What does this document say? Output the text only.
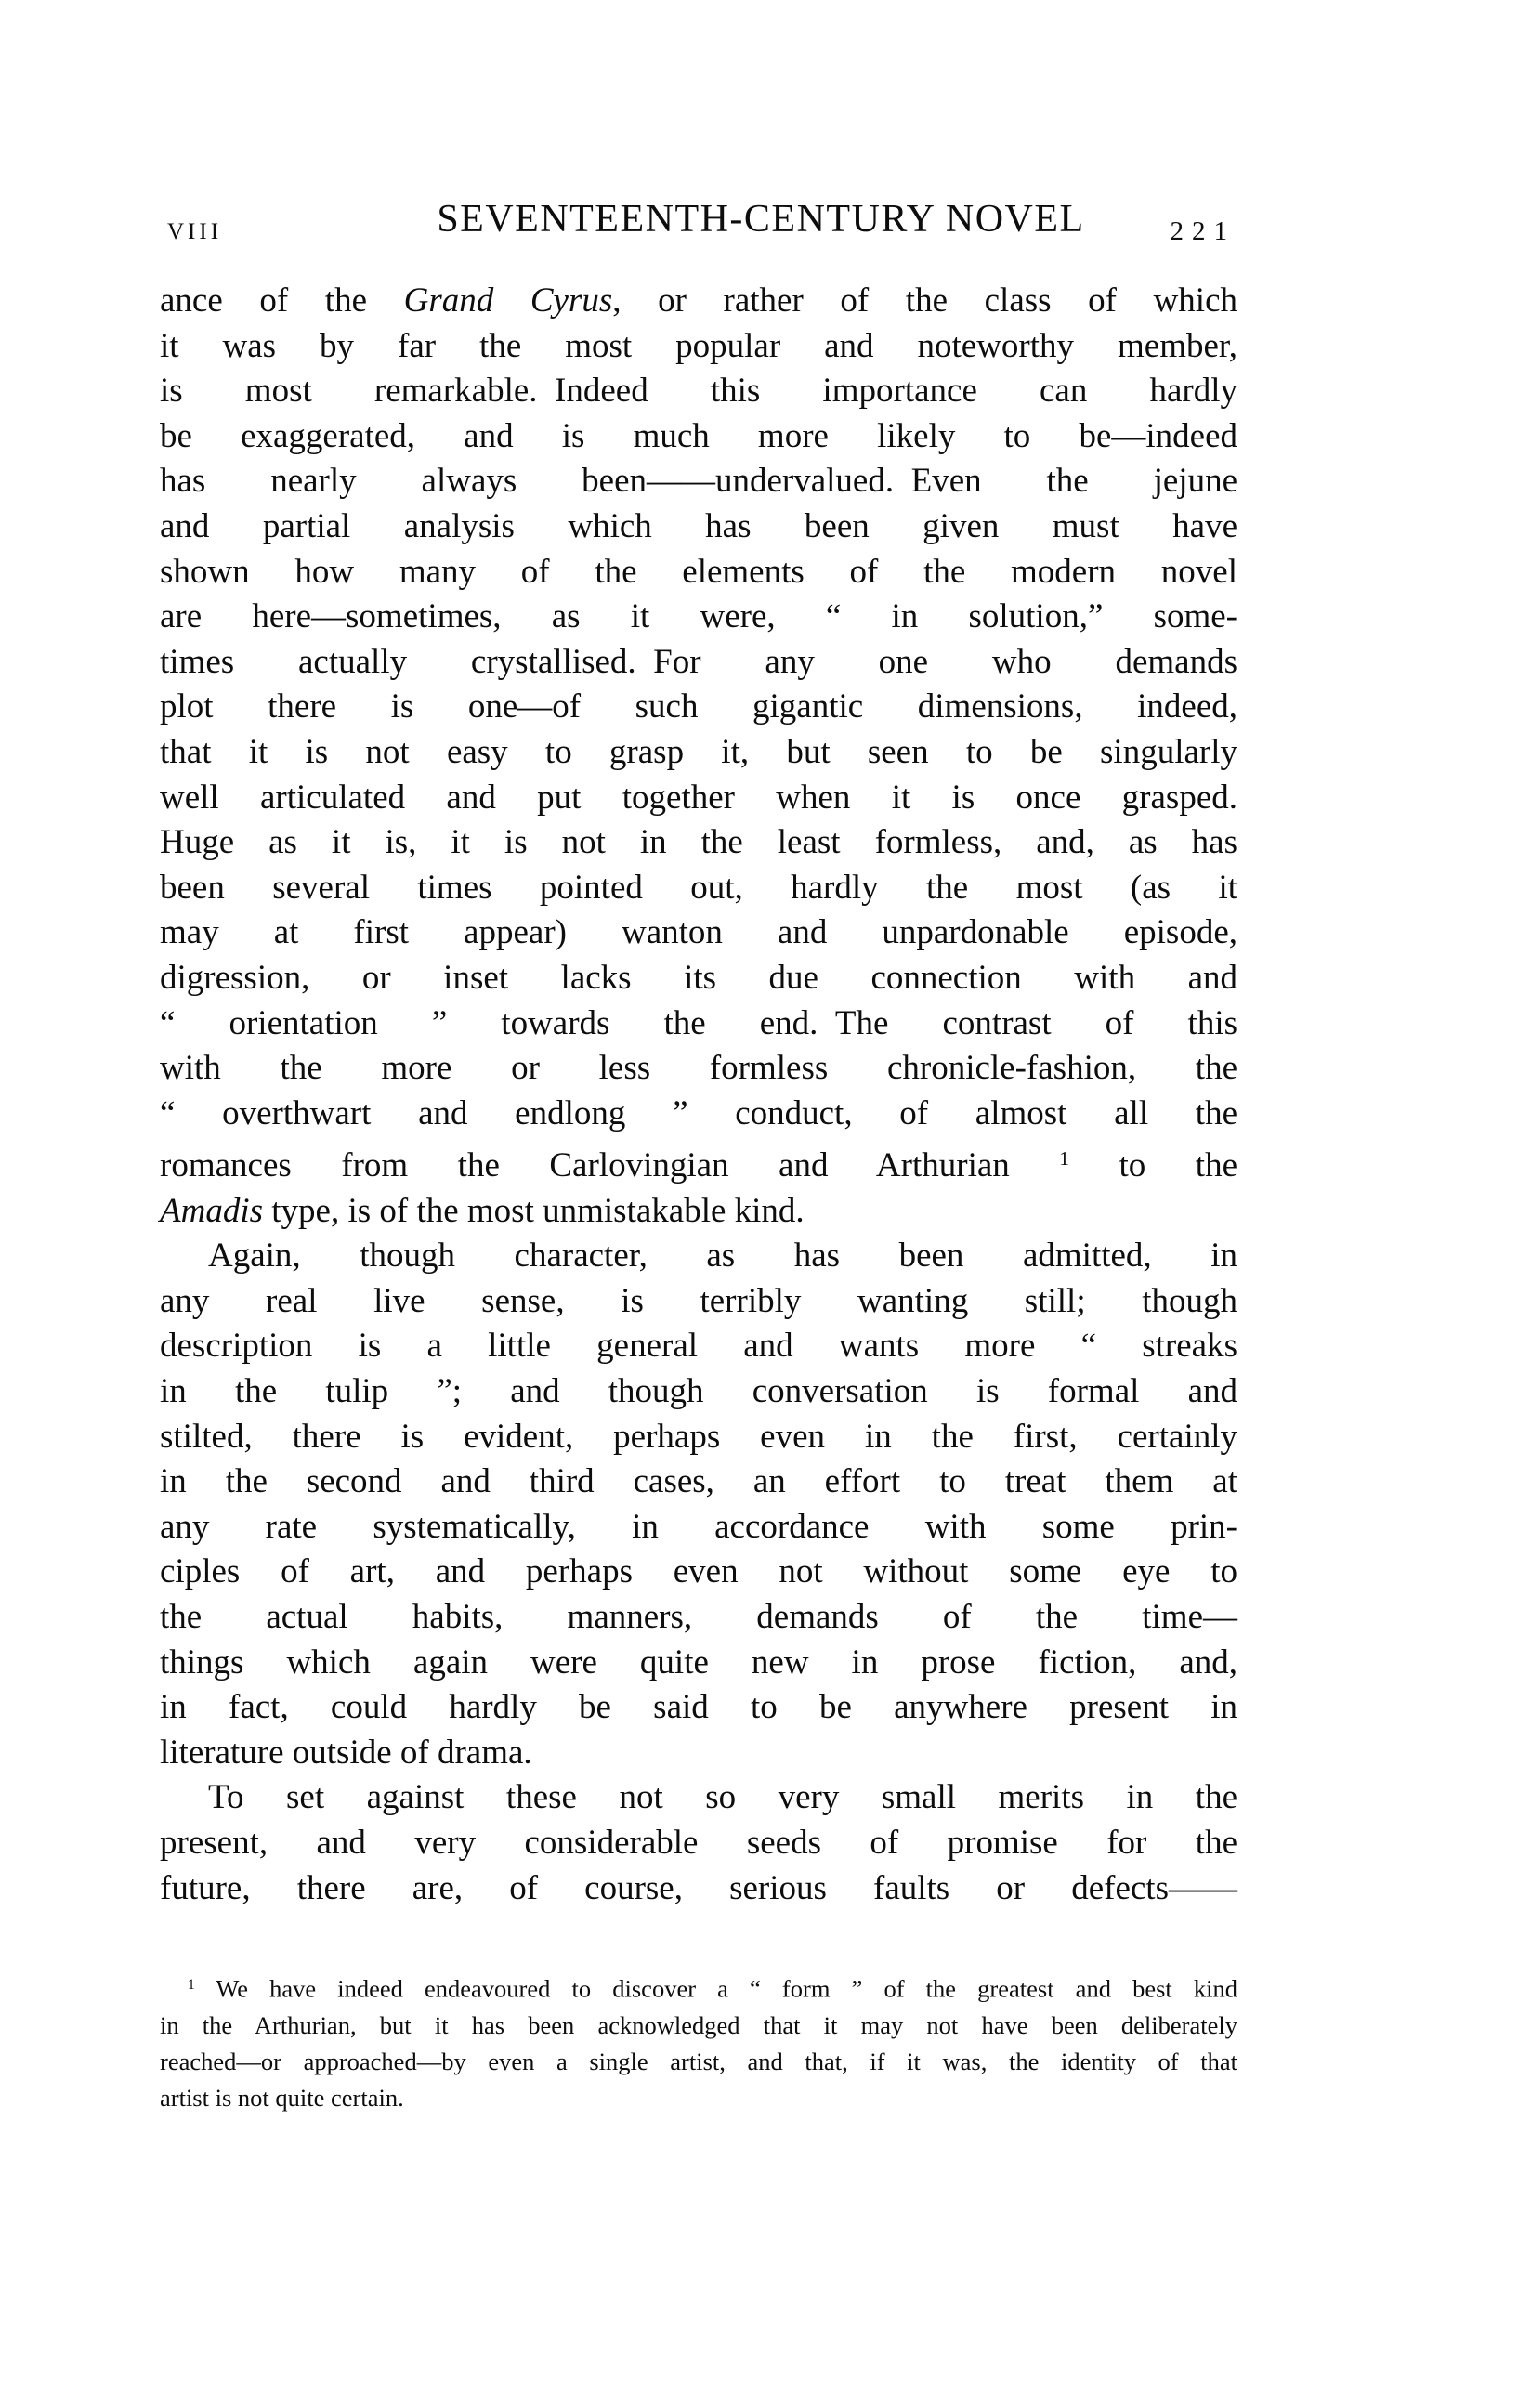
VIII	SEVENTEENTH-CENTURY NOVEL	221
ance of the Grand Cyrus, or rather of the class of which
it was by far the most popular and noteworthy member,
is most remarkable. Indeed this importance can hardly
be exaggerated, and is much more likely to be—indeed
has nearly always been——undervalued. Even the jejune
and partial analysis which has been given must have
shown how many of the elements of the modern novel
are here—sometimes, as it were, “ in solution,” some-
times actually crystallised. For any one who demands
plot there is one—of such gigantic dimensions, indeed,
that it is not easy to grasp it, but seen to be singularly
well articulated and put together when it is once grasped.
Huge as it is, it is not in the least formless, and, as has
been several times pointed out, hardly the most (as it
may at first appear) wanton and unpardonable episode,
digression, or inset lacks its due connection with and
“ orientation ” towards the end. The contrast of this
with the more or less formless chronicle-fashion, the
“ overthwart and endlong ” conduct, of almost all the
romances from the Carlovingian and Arthurian $^1$ to the
Amadis type, is of the most unmistakable kind.
Again, though character, as has been admitted, in
any real live sense, is terribly wanting still; though
description is a little general and wants more “ streaks
in the tulip ”; and though conversation is formal and
stilted, there is evident, perhaps even in the first, certainly
in the second and third cases, an effort to treat them at
any rate systematically, in accordance with some prin-
ciples of art, and perhaps even not without some eye to
the actual habits, manners, demands of the time—
things which again were quite new in prose fiction, and,
in fact, could hardly be said to be anywhere present in
literature outside of drama.
To set against these not so very small merits in the
present, and very considerable seeds of promise for the
future, there are, of course, serious faults or defects——
$^1$ We have indeed endeavoured to discover a “ form ” of the greatest and best kind
in the Arthurian, but it has been acknowledged that it may not have been deliberately
reached—or approached—by even a single artist, and that, if it was, the identity of that
artist is not quite certain.
